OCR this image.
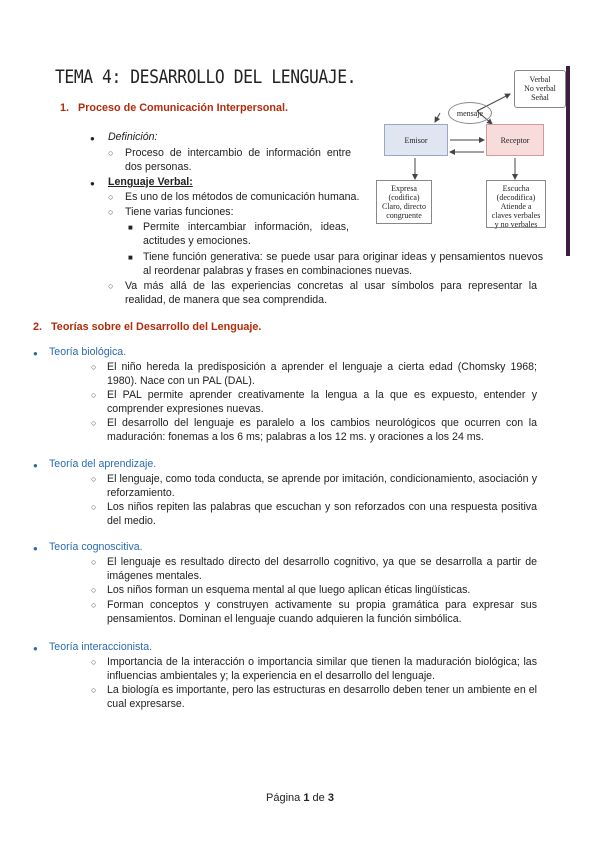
TEMA 4: DESARROLLO DEL LENGUAJE.	Verbal
No verbal
Señal
mensaje
Emisor	Receptor
Expresa
(codifica)
Claro, directo
congruente
Escucha
(decodifica)
Atiende a
claves verbales
y no verbales
1. Proceso de Comunicación Interpersonal.
● Definición:
○ Proceso de intercambio de información entre dos personas.
● Lenguaje Verbal:
○ Es uno de los métodos de comunicación humana.
○ Tiene varias funciones:
■ Permite intercambiar información, ideas, actitudes y emociones.
■ Tiene función generativa: se puede usar para originar ideas y pensamientos nuevos al reordenar palabras y frases en combinaciones nuevas.
○ Va más allá de las experiencias concretas al usar símbolos para representar la realidad, de manera que sea comprendida.
2. Teorías sobre el Desarrollo del Lenguaje.
● Teoría biológica.
○ El niño hereda la predisposición a aprender el lenguaje a cierta edad (Chomsky 1968; 1980). Nace con un PAL (DAL).
○ El PAL permite aprender creativamente la lengua a la que es expuesto, entender y comprender expresiones nuevas.
○ El desarrollo del lenguaje es paralelo a los cambios neurológicos que ocurren con la maduración: fonemas a los 6 ms; palabras a los 12 ms. y oraciones a los 24 ms.
● Teoría del aprendizaje.
○ El lenguaje, como toda conducta, se aprende por imitación, condicionamiento, asociación y reforzamiento.
○ Los niños repiten las palabras que escuchan y son reforzados con una respuesta positiva del medio.
● Teoría cognoscitiva.
○ El lenguaje es resultado directo del desarrollo cognitivo, ya que se desarrolla a partir de imágenes mentales.
○ Los niños forman un esquema mental al que luego aplican éticas lingüísticas.
○ Forman conceptos y construyen activamente su propia gramática para expresar sus pensamientos. Dominan el lenguaje cuando adquieren la función simbólica.
● Teoría interaccionista.
○ Importancia de la interacción o importancia similar que tienen la maduración biológica; las influencias ambientales y; la experiencia en el desarrollo del lenguaje.
○ La biología es importante, pero las estructuras en desarrollo deben tener un ambiente en el cual expresarse.
Página 1 de 3
